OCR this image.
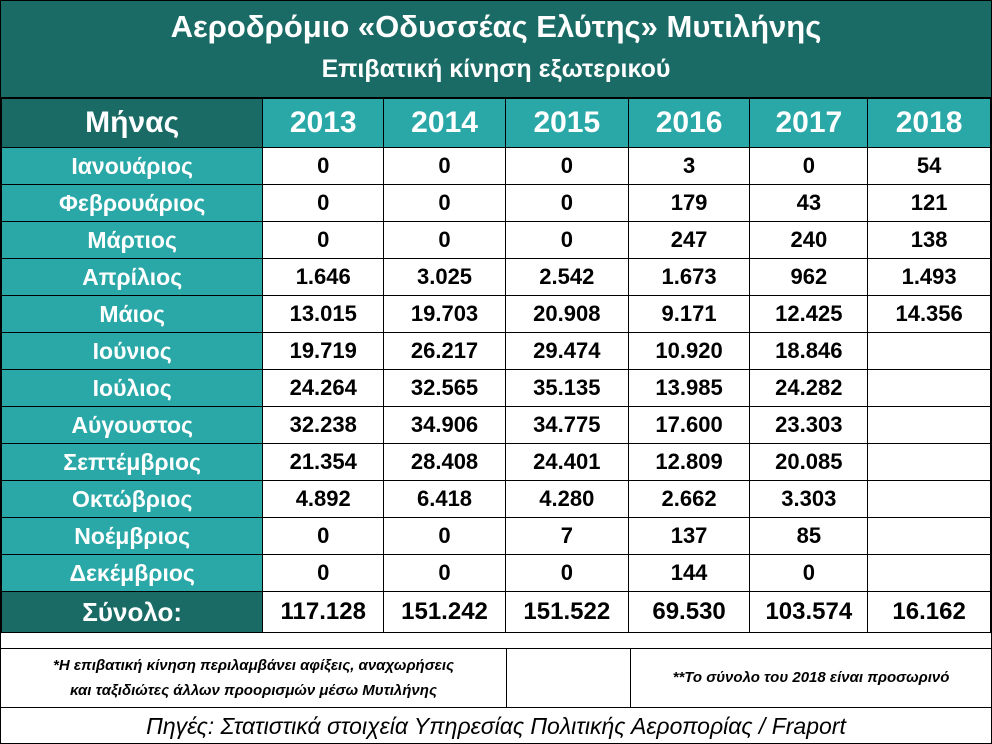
Αεροδρόμιο «Οδυσσέας Ελύτης» Μυτιλήνης
Επιβατική κίνηση εξωτερικού
Μήνας	2013	2014	2015	2016	2017	2018
Ιανουάριος	0	0	0	3	0	54
Φεβρουάριος	0	0	0	179	43	121
Μάρτιος	0	0	0	247	240	138
Απρίλιος	1.646	3.025	2.542	1.673	962	1.493
Μάιος	13.015	19.703	20.908	9.171	12.425	14.356
Ιούνιος	19.719	26.217	29.474	10.920	18.846	
Ιούλιος	24.264	32.565	35.135	13.985	24.282	
Αύγουστος	32.238	34.906	34.775	17.600	23.303	
Σεπτέμβριος	21.354	28.408	24.401	12.809	20.085	
Οκτώβριος	4.892	6.418	4.280	2.662	3.303	
Νοέμβριος	0	0	7	137	85	
Δεκέμβριος	0	0	0	144	0	
Σύνολο:	117.128	151.242	151.522	69.530	103.574	16.162
*Η επιβατική κίνηση περιλαμβάνει αφίξεις, αναχωρήσεις
και ταξιδιώτες άλλων προορισμών μέσω Μυτιλήνης
**Το σύνολο του 2018 είναι προσωρινό
Πηγές: Στατιστικά στοιχεία Υπηρεσίας Πολιτικής Αεροπορίας / Fraport
